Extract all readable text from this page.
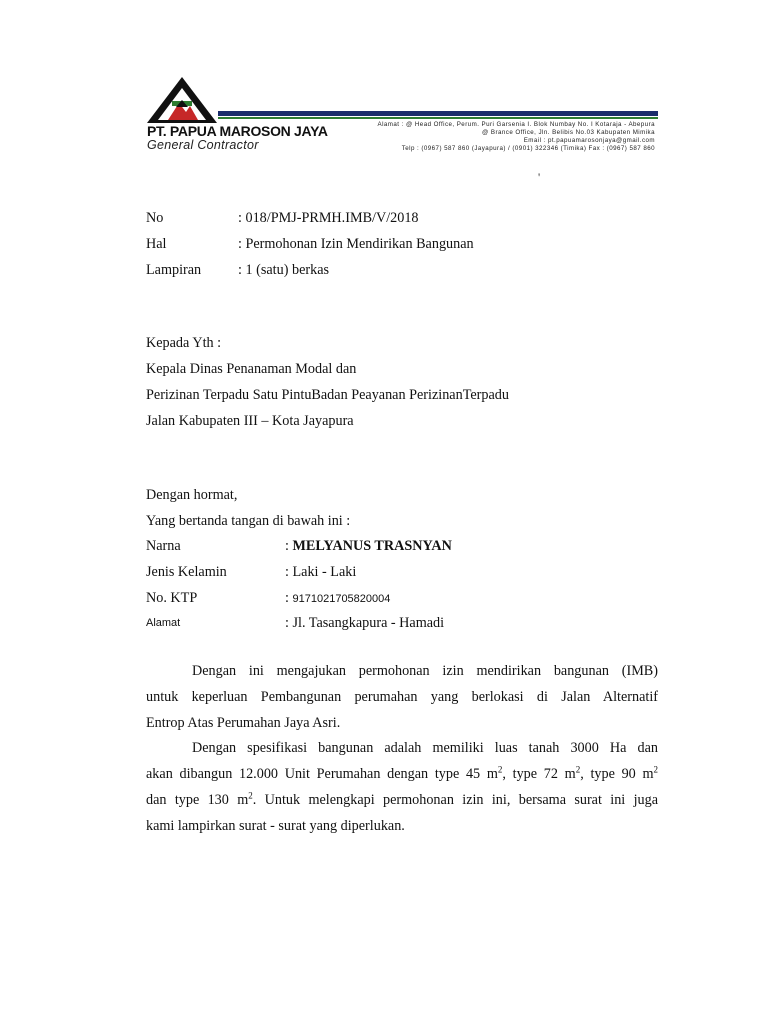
PT. PAPUA MAROSON JAYA
General Contractor
Alamat : @ Head Office, Perum. Puri Garsenia I. Blok Numbay No. I Kotaraja - Abepura
@ Brance Office, Jln. Belibis No.03 Kabupaten Mimika
Email : pt.papuamarosonjaya@gmail.com
Telp : (0967) 587 860 (Jayapura) / (0901) 322346 (Timika) Fax : (0967) 587 860
'
No	: 018/PMJ-PRMH.IMB/V/2018
Hal	: Permohonan Izin Mendirikan Bangunan
Lampiran	: 1 (satu) berkas
Kepada Yth :
Kepala Dinas Penanaman Modal dan
Perizinan Terpadu Satu PintuBadan Peayanan PerizinanTerpadu
Jalan Kabupaten III – Kota Jayapura
Dengan hormat,
Yang bertanda tangan di bawah ini :
Narna	: MELYANUS TRASNYAN
Jenis Kelamin	: Laki - Laki
No. KTP	: 9171021705820004
Alamat	: Jl. Tasangkapura - Hamadi
Dengan ini mengajukan permohonan izin mendirikan bangunan (IMB)
untuk keperluan Pembangunan perumahan yang berlokasi di Jalan Alternatif
Entrop Atas Perumahan Jaya Asri.
Dengan spesifikasi bangunan adalah memiliki luas tanah 3000 Ha dan
akan dibangun 12.000 Unit Perumahan dengan type 45 $m^2$, type 72 $m^2$, type 90 $m^2$
dan type 130 $m^2$. Untuk melengkapi permohonan izin ini, bersama surat ini juga
kami lampirkan surat - surat yang diperlukan.
